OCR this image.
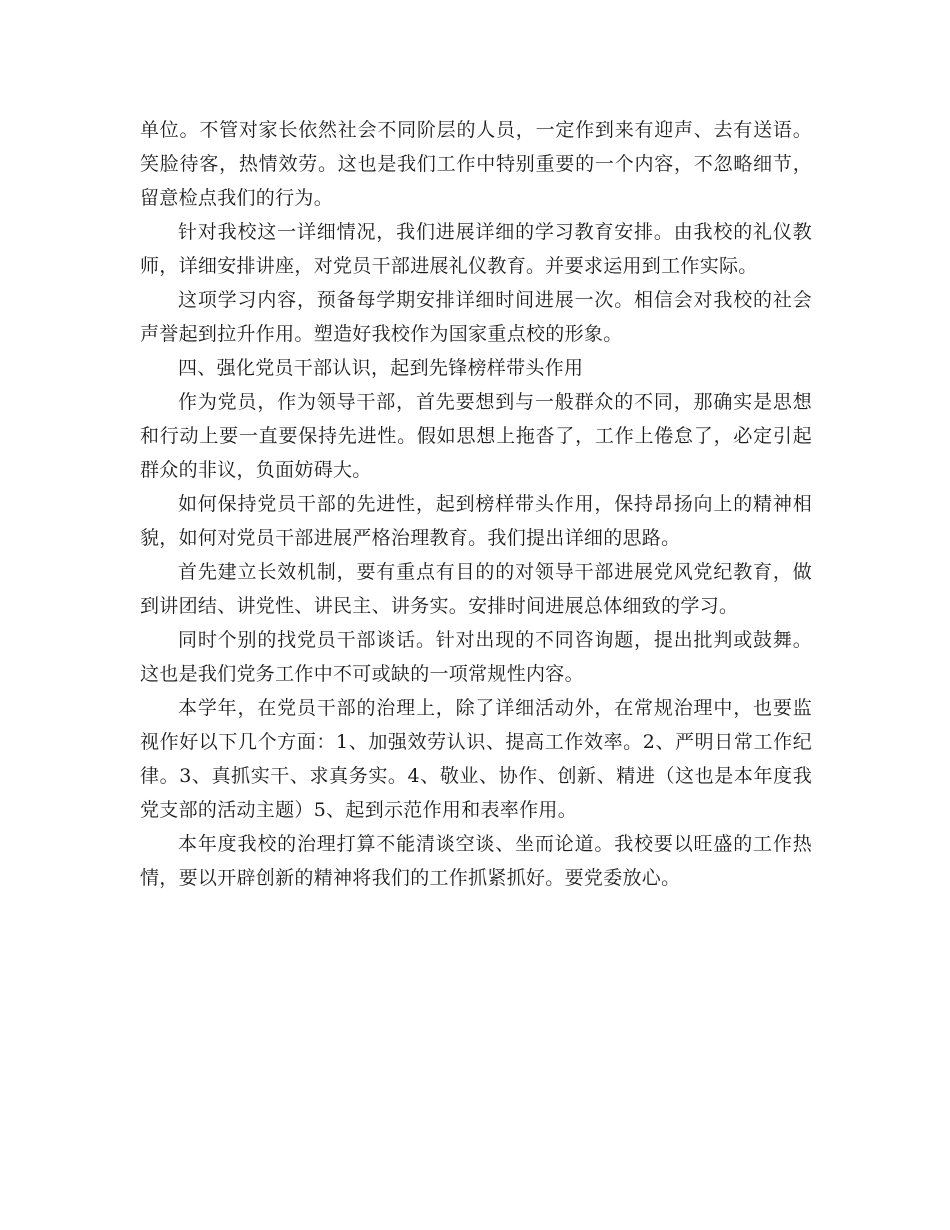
单位。不管对家长依然社会不同阶层的人员，一定作到来有迎声、去有送语。笑脸待客，热情效劳。这也是我们工作中特别重要的一个内容，不忽略细节，留意检点我们的行为。

针对我校这一详细情况，我们进展详细的学习教育安排。由我校的礼仪教师，详细安排讲座，对党员干部进展礼仪教育。并要求运用到工作实际。

这项学习内容，预备每学期安排详细时间进展一次。相信会对我校的社会声誉起到拉升作用。塑造好我校作为国家重点校的形象。

四、强化党员干部认识，起到先锋榜样带头作用

作为党员，作为领导干部，首先要想到与一般群众的不同，那确实是思想和行动上要一直要保持先进性。假如思想上拖沓了，工作上倦怠了，必定引起群众的非议，负面妨碍大。

如何保持党员干部的先进性，起到榜样带头作用，保持昂扬向上的精神相貌，如何对党员干部进展严格治理教育。我们提出详细的思路。

首先建立长效机制，要有重点有目的的对领导干部进展党风党纪教育，做到讲团结、讲党性、讲民主、讲务实。安排时间进展总体细致的学习。

同时个别的找党员干部谈话。针对出现的不同咨询题，提出批判或鼓舞。这也是我们党务工作中不可或缺的一项常规性内容。

本学年，在党员干部的治理上，除了详细活动外，在常规治理中，也要监视作好以下几个方面：1、加强效劳认识、提高工作效率。2、严明日常工作纪律。3、真抓实干、求真务实。4、敬业、协作、创新、精进（这也是本年度我党支部的活动主题）5、起到示范作用和表率作用。

本年度我校的治理打算不能清谈空谈、坐而论道。我校要以旺盛的工作热情，要以开辟创新的精神将我们的工作抓紧抓好。要党委放心。
